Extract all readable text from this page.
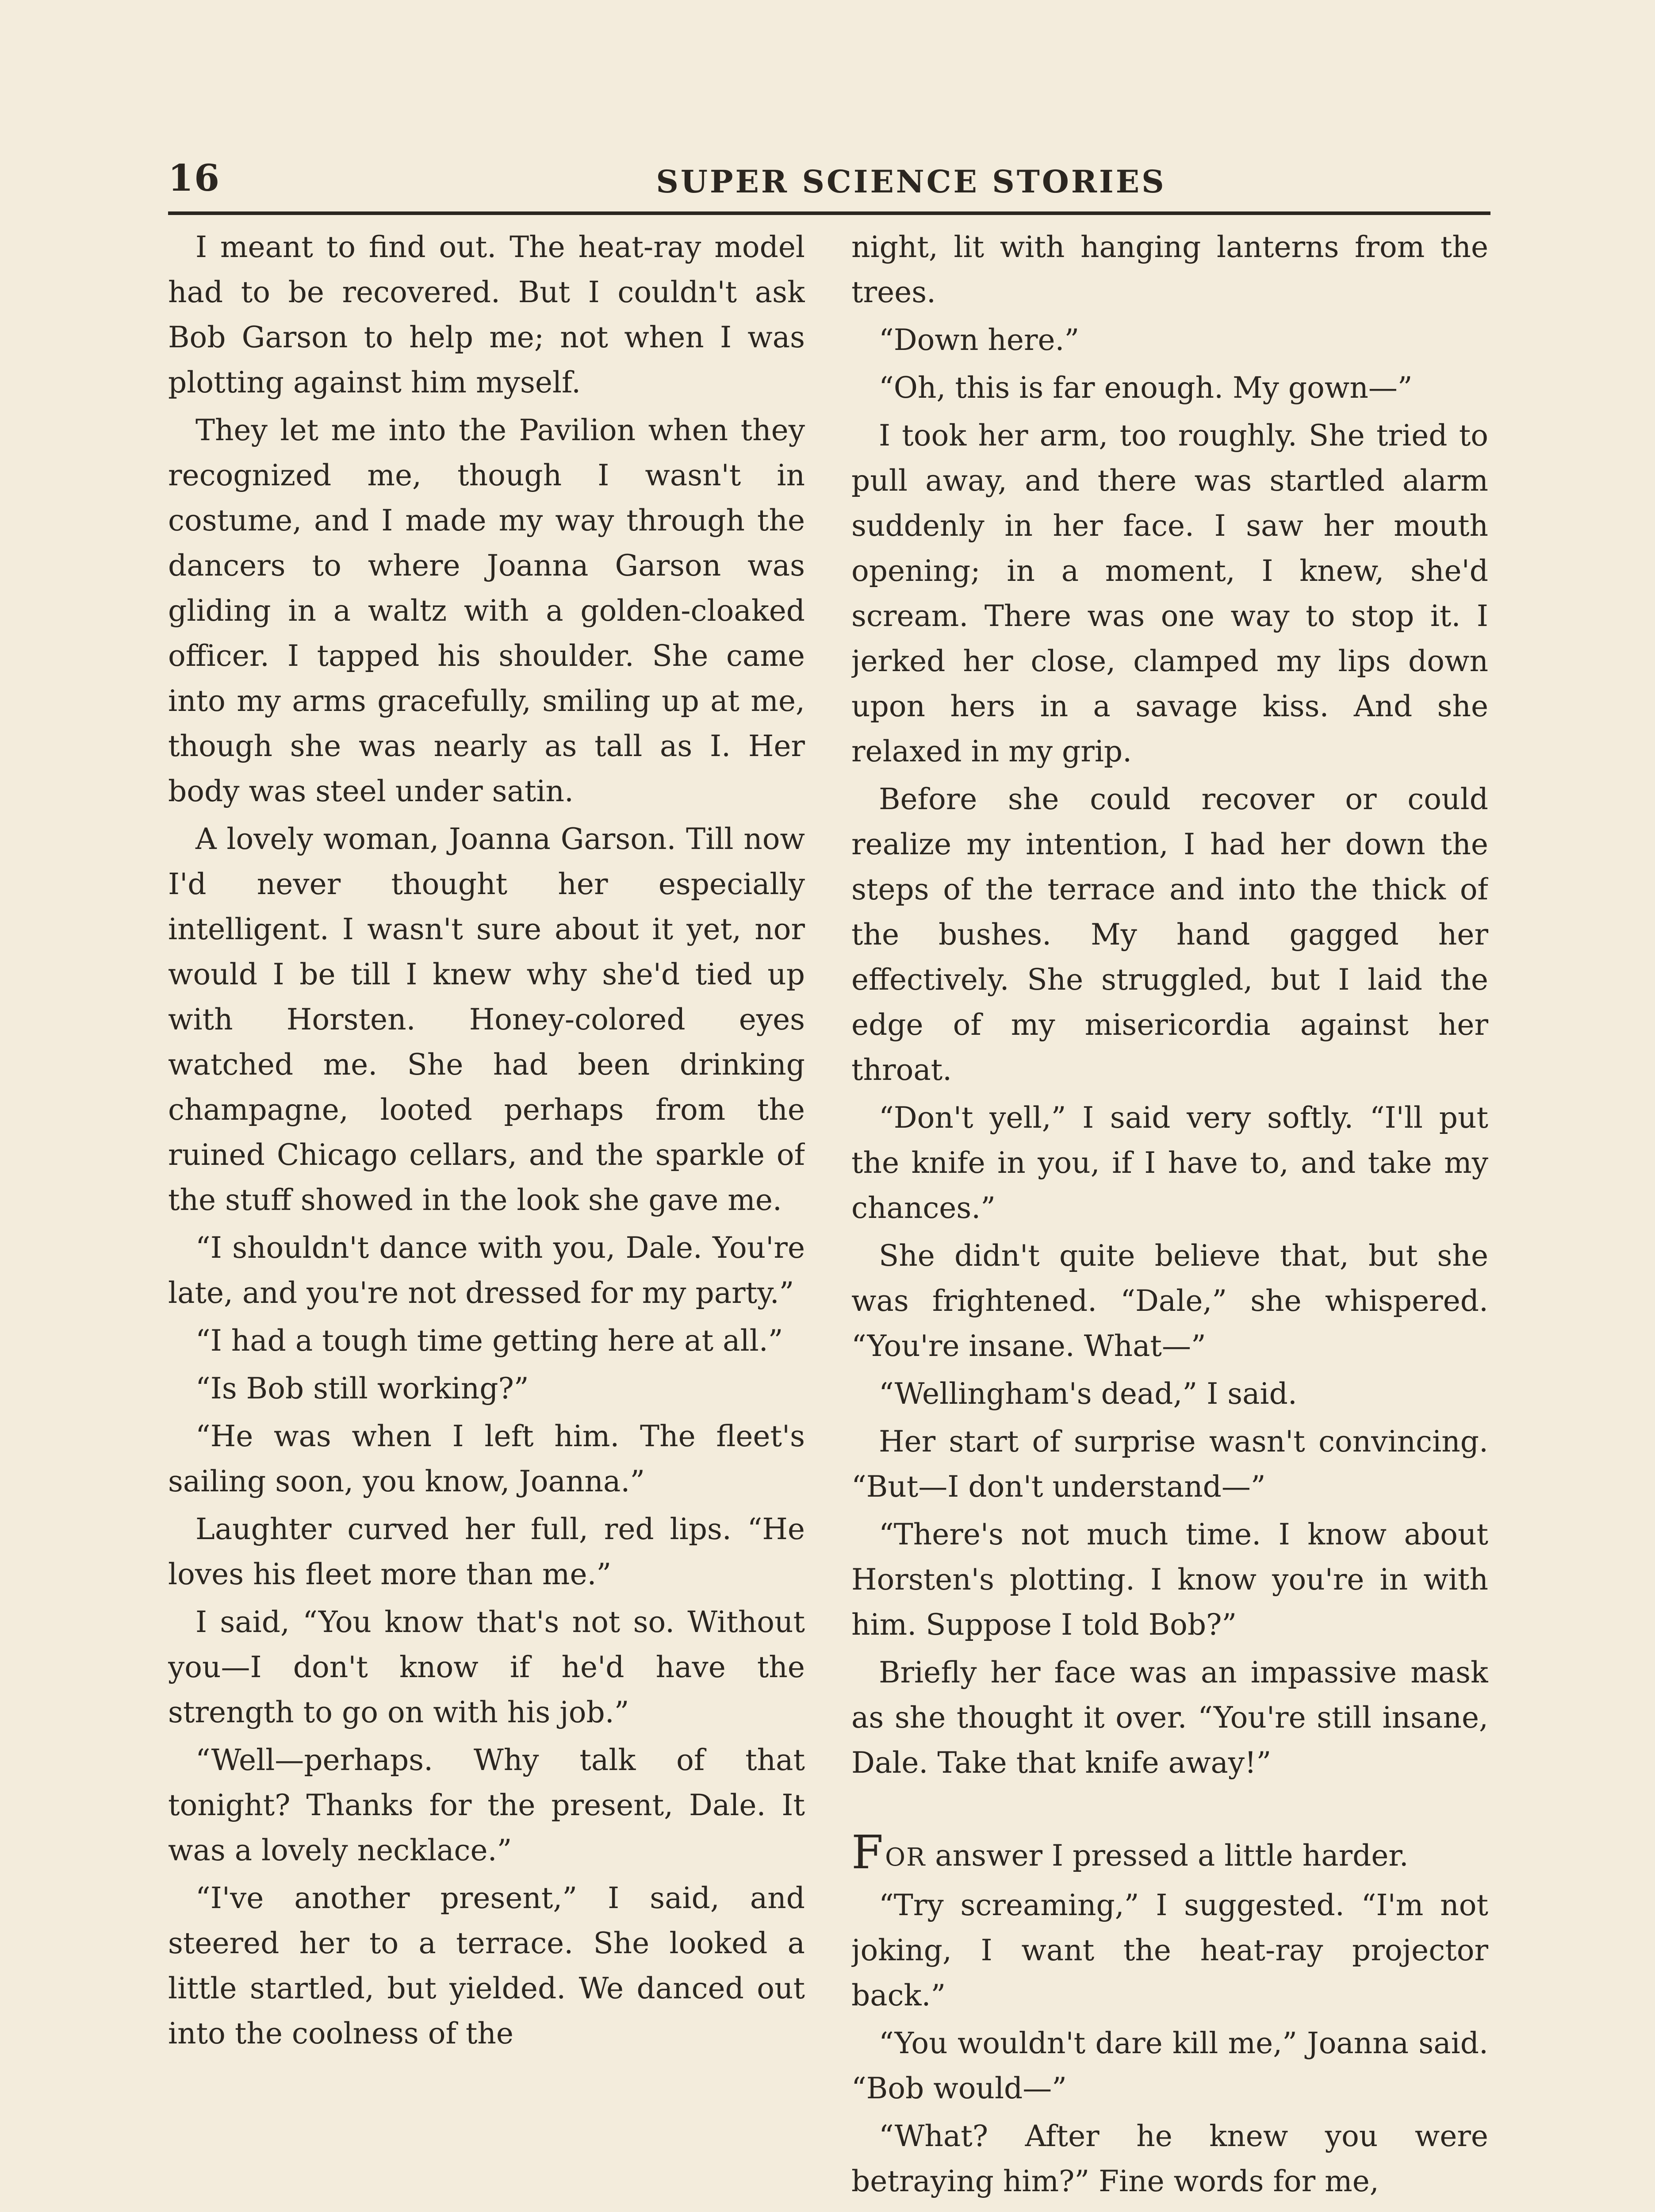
16	SUPER SCIENCE STORIES

I meant to find out. The heat-ray model had to be recovered. But I couldn't ask Bob Garson to help me; not when I was plotting against him myself.

They let me into the Pavilion when they recognized me, though I wasn't in costume, and I made my way through the dancers to where Joanna Garson was gliding in a waltz with a golden-cloaked officer. I tapped his shoulder. She came into my arms gracefully, smiling up at me, though she was nearly as tall as I. Her body was steel under satin.

A lovely woman, Joanna Garson. Till now I'd never thought her especially intelligent. I wasn't sure about it yet, nor would I be till I knew why she'd tied up with Horsten. Honey-colored eyes watched me. She had been drinking champagne, looted perhaps from the ruined Chicago cellars, and the sparkle of the stuff showed in the look she gave me.

“I shouldn't dance with you, Dale. You're late, and you're not dressed for my party.”

“I had a tough time getting here at all.”

“Is Bob still working?”

“He was when I left him. The fleet's sailing soon, you know, Joanna.”

Laughter curved her full, red lips. “He loves his fleet more than me.”

I said, “You know that's not so. Without you—I don't know if he'd have the strength to go on with his job.”

“Well—perhaps. Why talk of that tonight? Thanks for the present, Dale. It was a lovely necklace.”

“I've another present,” I said, and steered her to a terrace. She looked a little startled, but yielded. We danced out into the coolness of the

night, lit with hanging lanterns from the trees.

“Down here.”

“Oh, this is far enough. My gown—”

I took her arm, too roughly. She tried to pull away, and there was startled alarm suddenly in her face. I saw her mouth opening; in a moment, I knew, she'd scream. There was one way to stop it. I jerked her close, clamped my lips down upon hers in a savage kiss. And she relaxed in my grip.

Before she could recover or could realize my intention, I had her down the steps of the terrace and into the thick of the bushes. My hand gagged her effectively. She struggled, but I laid the edge of my misericordia against her throat.

“Don't yell,” I said very softly. “I'll put the knife in you, if I have to, and take my chances.”

She didn't quite believe that, but she was frightened. “Dale,” she whispered. “You're insane. What—”

“Wellingham's dead,” I said.

Her start of surprise wasn't convincing. “But—I don't understand—”

“There's not much time. I know about Horsten's plotting. I know you're in with him. Suppose I told Bob?”

Briefly her face was an impassive mask as she thought it over. “You're still insane, Dale. Take that knife away!”

FOR answer I pressed a little harder.

“Try screaming,” I suggested. “I'm not joking, I want the heat-ray projector back.”

“You wouldn't dare kill me,” Joanna said. “Bob would—”

“What? After he knew you were betraying him?” Fine words for me,
